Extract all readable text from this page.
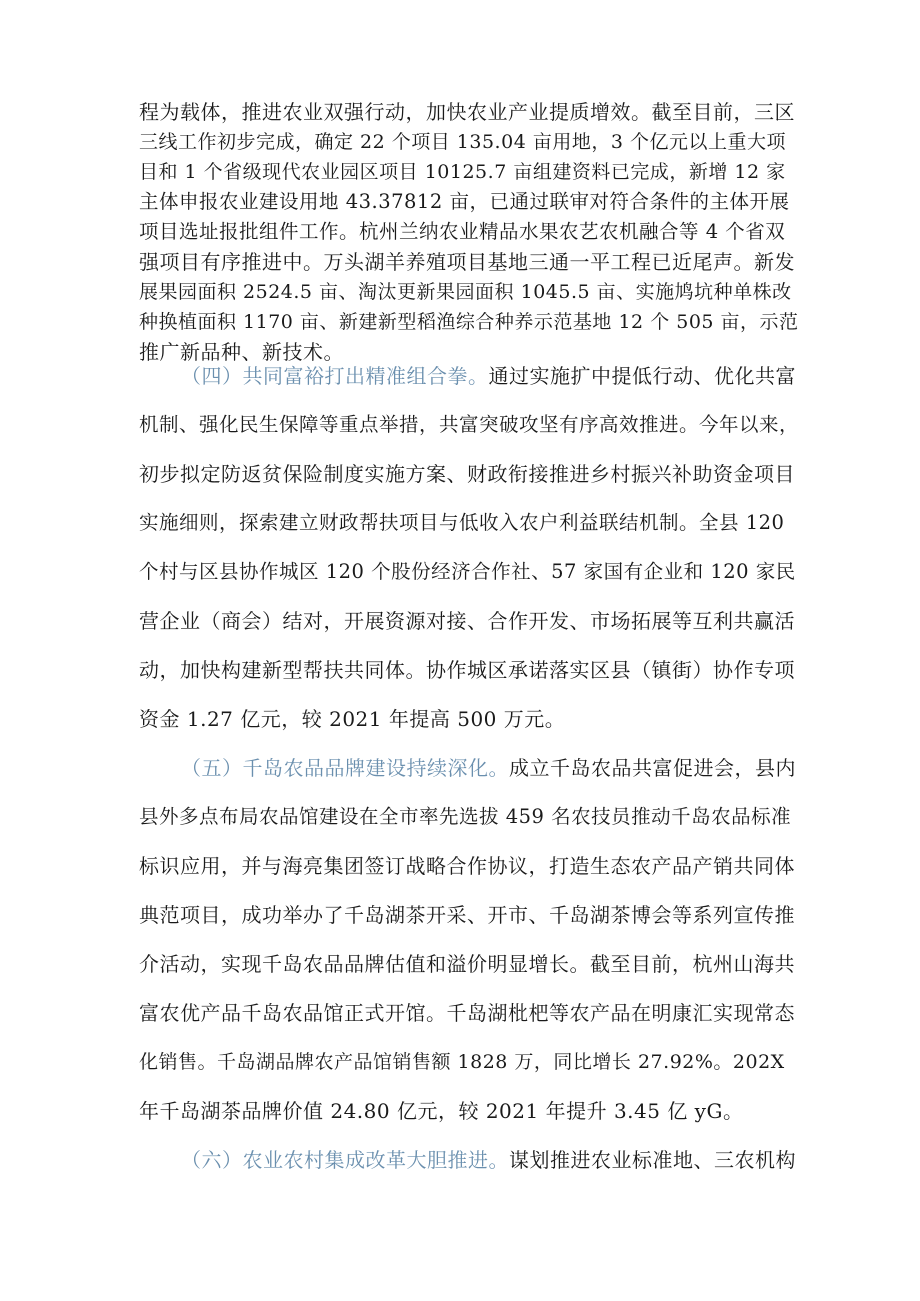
程为载体，推进农业双强行动，加快农业产业提质增效。截至目前，三区
三线工作初步完成，确定 22 个项目 135.04 亩用地，3 个亿元以上重大项
目和 1 个省级现代农业园区项目 10125.7 亩组建资料已完成，新增 12 家
主体申报农业建设用地 43.37812 亩，已通过联审对符合条件的主体开展
项目选址报批组件工作。杭州兰纳农业精品水果农艺农机融合等 4 个省双
强项目有序推进中。万头湖羊养殖项目基地三通一平工程已近尾声。新发
展果园面积 2524.5 亩、淘汰更新果园面积 1045.5 亩、实施鸠坑种单株改
种换植面积 1170 亩、新建新型稻渔综合种养示范基地 12 个 505 亩，示范
推广新品种、新技术。
（四）共同富裕打出精准组合拳。通过实施扩中提低行动、优化共富
机制、强化民生保障等重点举措，共富突破攻坚有序高效推进。今年以来，
初步拟定防返贫保险制度实施方案、财政衔接推进乡村振兴补助资金项目
实施细则，探索建立财政帮扶项目与低收入农户利益联结机制。全县 120
个村与区县协作城区 120 个股份经济合作社、57 家国有企业和 120 家民
营企业（商会）结对，开展资源对接、合作开发、市场拓展等互利共赢活
动，加快构建新型帮扶共同体。协作城区承诺落实区县（镇街）协作专项
资金 1.27 亿元，较 2021 年提高 500 万元。
（五）千岛农品品牌建设持续深化。成立千岛农品共富促进会，县内
县外多点布局农品馆建设在全市率先选拔 459 名农技员推动千岛农品标准
标识应用，并与海亮集团签订战略合作协议，打造生态农产品产销共同体
典范项目，成功举办了千岛湖茶开采、开市、千岛湖茶博会等系列宣传推
介活动，实现千岛农品品牌估值和溢价明显增长。截至目前，杭州山海共
富农优产品千岛农品馆正式开馆。千岛湖枇杷等农产品在明康汇实现常态
化销售。千岛湖品牌农产品馆销售额 1828 万，同比增长 27.92%。202X
年千岛湖茶品牌价值 24.80 亿元，较 2021 年提升 3.45 亿 yG。
（六）农业农村集成改革大胆推进。谋划推进农业标准地、三农机构
